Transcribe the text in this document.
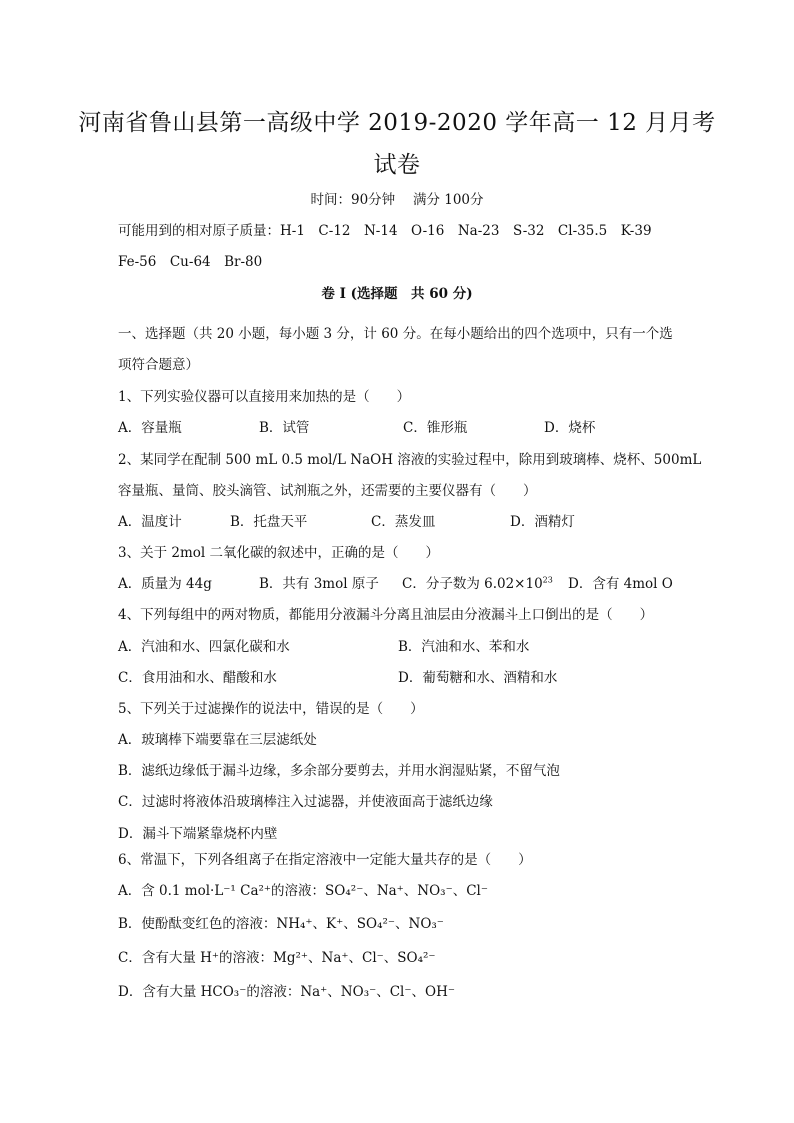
河南省鲁山县第一高级中学 2019-2020 学年高一 12 月月考
试卷
时间：90分钟　 满分 100分
可能用到的相对原子质量：H-1　C-12　N-14　O-16　Na-23　S-32　Cl-35.5　K-39
Fe-56　Cu-64　Br-80
卷 I (选择题　共 60 分)
一、选择题（共 20 小题，每小题 3 分，计 60 分。在每小题给出的四个选项中，只有一个选
项符合题意）
1、下列实验仪器可以直接用来加热的是（　　）
A．容量瓶	B．试管	C．锥形瓶	D．烧杯
2、某同学在配制 500 mL 0.5 mol/L NaOH 溶液的实验过程中，除用到玻璃棒、烧杯、500mL
容量瓶、量筒、胶头滴管、试剂瓶之外，还需要的主要仪器有（　　）
A．温度计	B．托盘天平	C．蒸发皿	D．酒精灯
3、关于 2mol 二氧化碳的叙述中，正确的是（　　）
A．质量为 44g	B．共有 3mol 原子 C．分子数为 $6.02\times 10^{23}$ D．含有 4mol O
4、下列每组中的两对物质，都能用分液漏斗分离且油层由分液漏斗上口倒出的是（　　）
A．汽油和水、四氯化碳和水	B．汽油和水、苯和水
C．食用油和水、醋酸和水	D．葡萄糖和水、酒精和水
5、下列关于过滤操作的说法中，错误的是（　　）
A．玻璃棒下端要靠在三层滤纸处
B．滤纸边缘低于漏斗边缘，多余部分要剪去，并用水润湿贴紧，不留气泡
C．过滤时将液体沿玻璃棒注入过滤器，并使液面高于滤纸边缘
D．漏斗下端紧靠烧杯内壁
6、常温下，下列各组离子在指定溶液中一定能大量共存的是（　　）
A．含 0.1 mol·L⁻¹ Ca²⁺的溶液：SO₄²⁻、Na⁺、NO₃⁻、Cl⁻
B．使酚酞变红色的溶液：NH₄⁺、K⁺、SO₄²⁻、NO₃⁻
C．含有大量 H⁺的溶液：Mg²⁺、Na⁺、Cl⁻、SO₄²⁻
D．含有大量 HCO₃⁻的溶液：Na⁺、NO₃⁻、Cl⁻、OH⁻
